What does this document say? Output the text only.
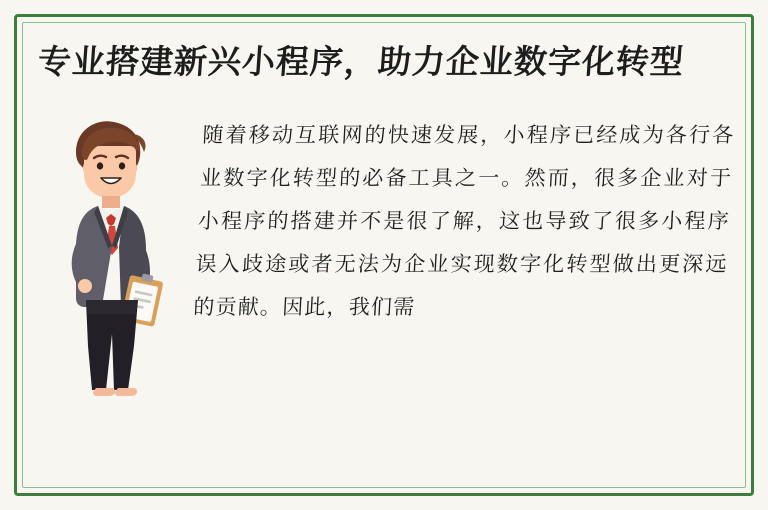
专业搭建新兴小程序，助力企业数字化转型
随着移动互联网的快速发展，小程序已经成为各行各业数字化转型的必备工具之一。然而，很多企业对于小程序的搭建并不是很了解，这也导致了很多小程序误入歧途或者无法为企业实现数字化转型做出更深远的贡献。因此，我们需
